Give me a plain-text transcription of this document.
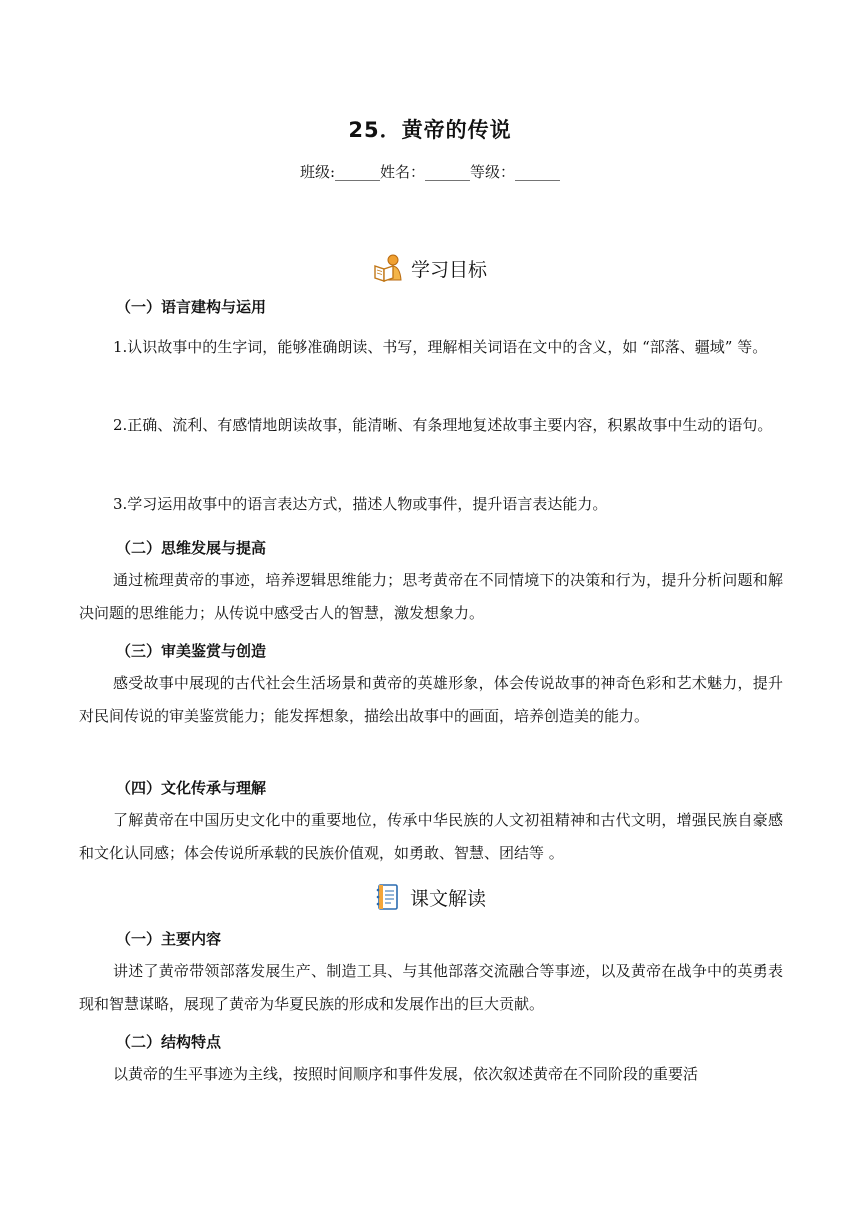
25．黄帝的传说
班级:______姓名：______等级：______
学习目标
（一）语言建构与运用
1.认识故事中的生字词，能够准确朗读、书写，理解相关词语在文中的含义，如 “部落、疆域” 等。
2.正确、流利、有感情地朗读故事，能清晰、有条理地复述故事主要内容，积累故事中生动的语句。
3.学习运用故事中的语言表达方式，描述人物或事件，提升语言表达能力。
（二）思维发展与提高
通过梳理黄帝的事迹，培养逻辑思维能力；思考黄帝在不同情境下的决策和行为，提升分析问题和解决问题的思维能力；从传说中感受古人的智慧，激发想象力。
（三）审美鉴赏与创造
感受故事中展现的古代社会生活场景和黄帝的英雄形象，体会传说故事的神奇色彩和艺术魅力，提升对民间传说的审美鉴赏能力；能发挥想象，描绘出故事中的画面，培养创造美的能力。
（四）文化传承与理解
了解黄帝在中国历史文化中的重要地位，传承中华民族的人文初祖精神和古代文明，增强民族自豪感和文化认同感；体会传说所承载的民族价值观，如勇敢、智慧、团结等 。
课文解读
（一）主要内容
讲述了黄帝带领部落发展生产、制造工具、与其他部落交流融合等事迹，以及黄帝在战争中的英勇表现和智慧谋略，展现了黄帝为华夏民族的形成和发展作出的巨大贡献。
（二）结构特点
以黄帝的生平事迹为主线，按照时间顺序和事件发展，依次叙述黄帝在不同阶段的重要活
